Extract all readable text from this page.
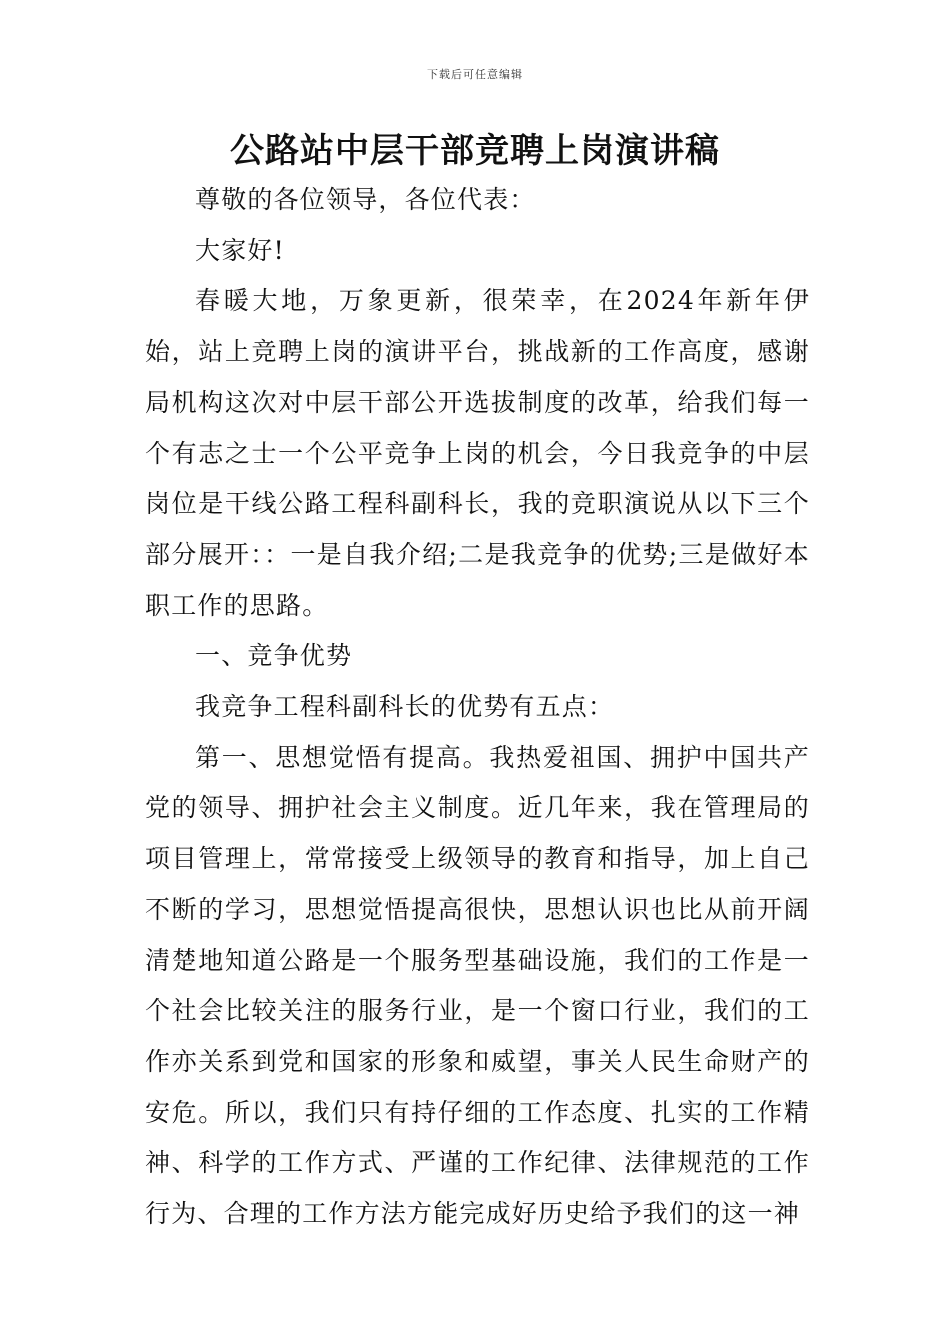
下载后可任意编辑
公路站中层干部竞聘上岗演讲稿

尊敬的各位领导，各位代表：

大家好!

春暖大地，万象更新，很荣幸，在2024年新年伊始，站上竞聘上岗的演讲平台，挑战新的工作高度，感谢局机构这次对中层干部公开选拔制度的改革，给我们每一个有志之士一个公平竞争上岗的机会，今日我竞争的中层岗位是干线公路工程科副科长，我的竞职演说从以下三个部分展开：：一是自我介绍;二是我竞争的优势;三是做好本职工作的思路。

一、竞争优势

我竞争工程科副科长的优势有五点：

第一、思想觉悟有提高。我热爱祖国、拥护中国共产党的领导、拥护社会主义制度。近几年来，我在管理局的项目管理上，常常接受上级领导的教育和指导，加上自己不断的学习，思想觉悟提高很快，思想认识也比从前开阔清楚地知道公路是一个服务型基础设施，我们的工作是一个社会比较关注的服务行业，是一个窗口行业，我们的工作亦关系到党和国家的形象和威望，事关人民生命财产的安危。所以，我们只有持仔细的工作态度、扎实的工作精神、科学的工作方式、严谨的工作纪律、法律规范的工作行为、合理的工作方法方能完成好历史给予我们的这一神
